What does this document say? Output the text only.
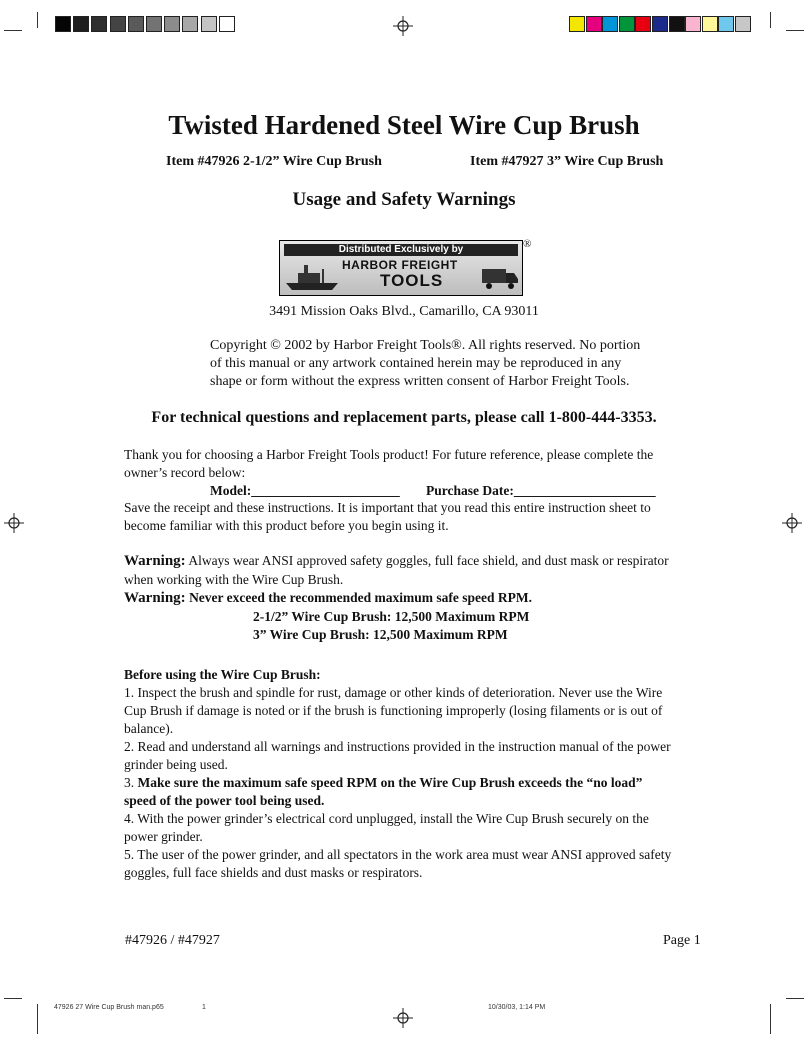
Twisted Hardened Steel Wire Cup Brush
Item #47926 2-1/2” Wire Cup Brush	Item #47927 3” Wire Cup Brush
Usage and Safety Warnings
Distributed Exclusively by
HARBOR FREIGHT
TOOLS
®
3491 Mission Oaks Blvd., Camarillo, CA 93011
Copyright © 2002 by Harbor Freight Tools®. All rights reserved. No portion
of this manual or any artwork contained herein may be reproduced in any
shape or form without the express written consent of Harbor Freight Tools.
For technical questions and replacement parts, please call 1-800-444-3353.
Thank you for choosing a Harbor Freight Tools product! For future reference, please complete the
owner’s record below:
Model:______________________ Purchase Date:_____________________
Save the receipt and these instructions. It is important that you read this entire instruction sheet to
become familiar with this product before you begin using it.
Warning: Always wear ANSI approved safety goggles, full face shield, and dust mask or respirator
when working with the Wire Cup Brush.
Warning: Never exceed the recommended maximum safe speed RPM.
2-1/2” Wire Cup Brush: 12,500 Maximum RPM
3” Wire Cup Brush: 12,500 Maximum RPM
Before using the Wire Cup Brush:
1. Inspect the brush and spindle for rust, damage or other kinds of deterioration. Never use the Wire
Cup Brush if damage is noted or if the brush is functioning improperly (losing filaments or is out of
balance).
2. Read and understand all warnings and instructions provided in the instruction manual of the power
grinder being used.
3. Make sure the maximum safe speed RPM on the Wire Cup Brush exceeds the “no load”
speed of the power tool being used.
4. With the power grinder’s electrical cord unplugged, install the Wire Cup Brush securely on the
power grinder.
5. The user of the power grinder, and all spectators in the work area must wear ANSI approved safety
goggles, full face shields and dust masks or respirators.
#47926 / #47927	Page 1
47926 27 Wire Cup Brush man.p65	1	10/30/03, 1:14 PM
